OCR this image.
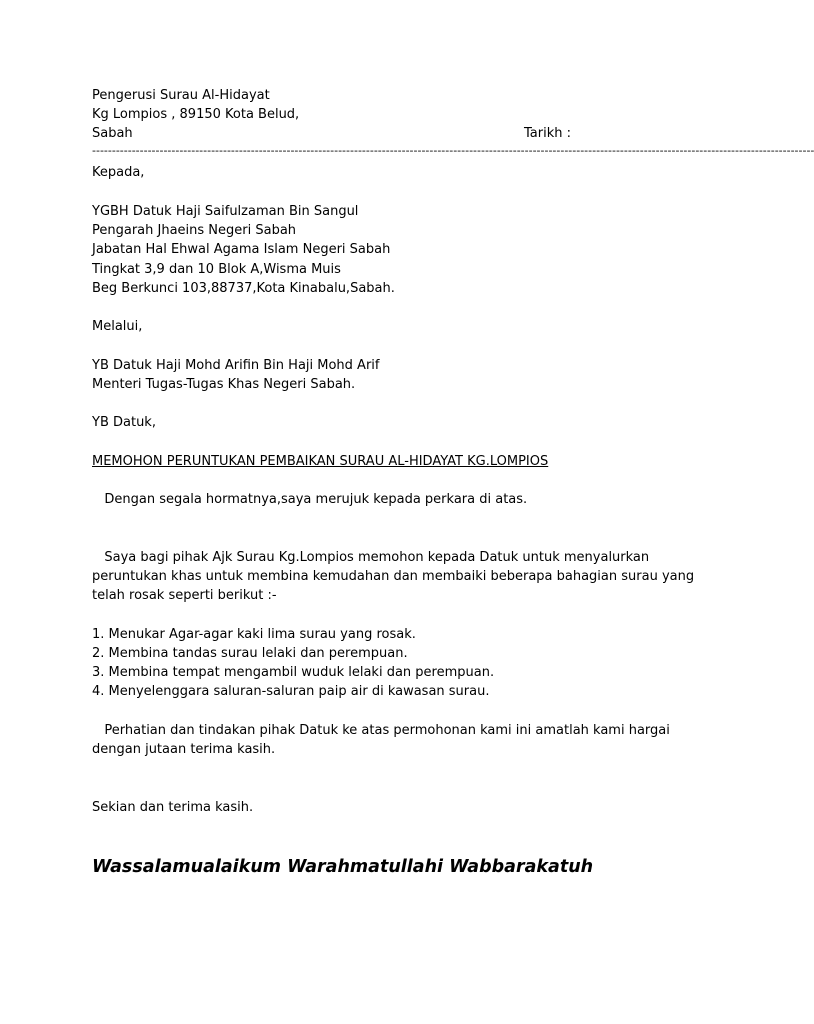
Pengerusi Surau Al-Hidayat
Kg Lompios , 89150 Kota Belud,
Sabah	Tarikh :
--------------------------------------------------------------------------------------------------------------------------------------------------------------------------------------
Kepada,
YGBH Datuk Haji Saifulzaman Bin Sangul
Pengarah Jhaeins Negeri Sabah
Jabatan Hal Ehwal Agama Islam Negeri Sabah
Tingkat 3,9 dan 10 Blok A,Wisma Muis
Beg Berkunci 103,88737,Kota Kinabalu,Sabah.
Melalui,
YB Datuk Haji Mohd Arifin Bin Haji Mohd Arif
Menteri Tugas-Tugas Khas Negeri Sabah.
YB Datuk,
MEMOHON PERUNTUKAN PEMBAIKAN SURAU AL-HIDAYAT KG.LOMPIOS
Dengan segala hormatnya,saya merujuk kepada perkara di atas.
Saya bagi pihak Ajk Surau Kg.Lompios memohon kepada Datuk untuk menyalurkan
peruntukan khas untuk membina kemudahan dan membaiki beberapa bahagian surau yang
telah rosak seperti berikut :-
1. Menukar Agar-agar kaki lima surau yang rosak.
2. Membina tandas surau lelaki dan perempuan.
3. Membina tempat mengambil wuduk lelaki dan perempuan.
4. Menyelenggara saluran-saluran paip air di kawasan surau.
Perhatian dan tindakan pihak Datuk ke atas permohonan kami ini amatlah kami hargai
dengan jutaan terima kasih.
Sekian dan terima kasih.
Wassalamualaikum Warahmatullahi Wabbarakatuh
